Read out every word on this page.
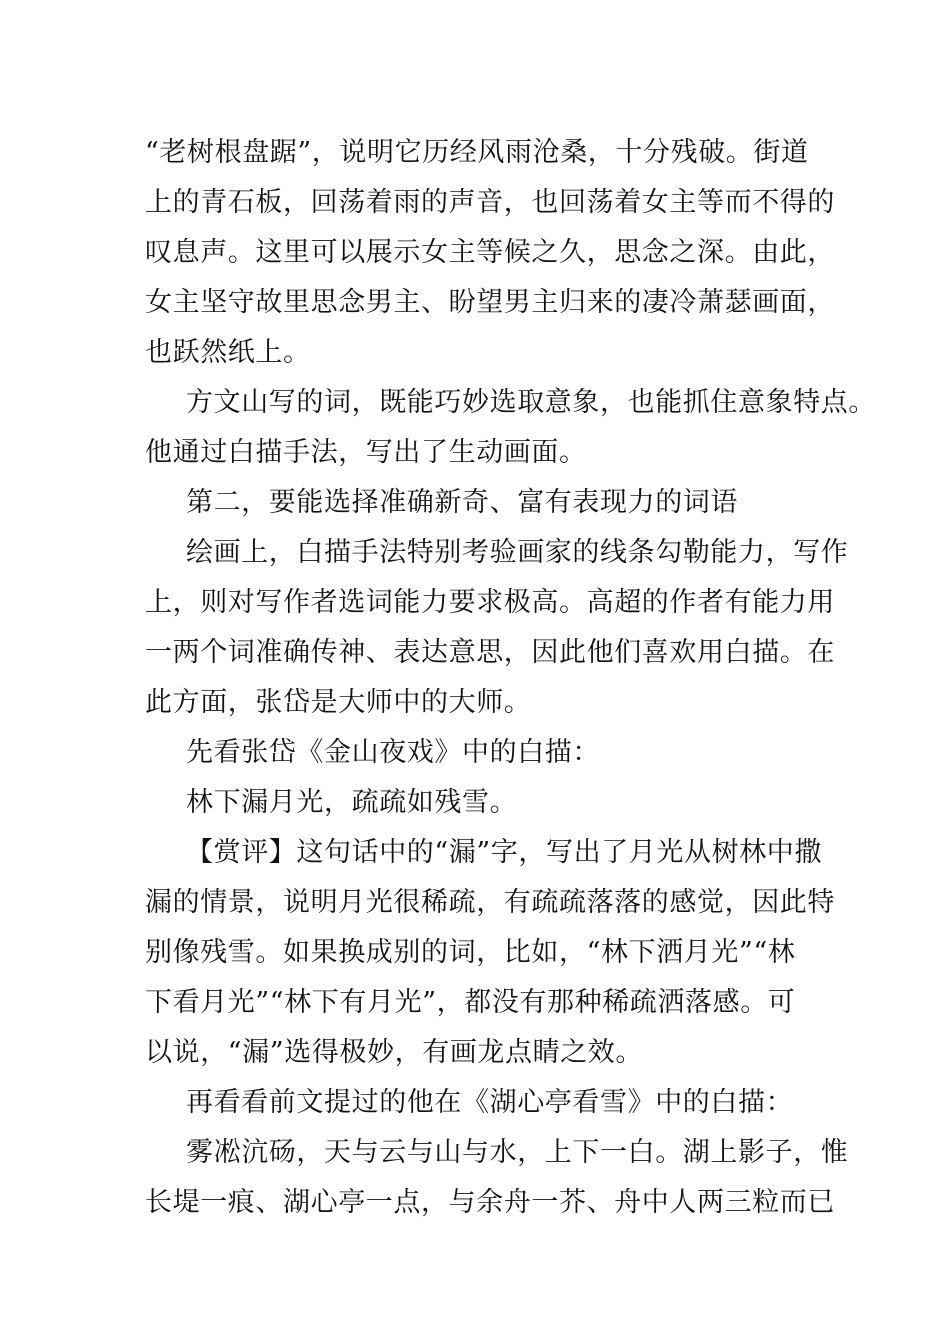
“老树根盘踞”，说明它历经风雨沧桑，十分残破。街道
上的青石板，回荡着雨的声音，也回荡着女主等而不得的
叹息声。这里可以展示女主等候之久，思念之深。由此，
女主坚守故里思念男主、盼望男主归来的凄冷萧瑟画面，
也跃然纸上。
方文山写的词，既能巧妙选取意象，也能抓住意象特点。
他通过白描手法，写出了生动画面。
第二，要能选择准确新奇、富有表现力的词语
绘画上，白描手法特别考验画家的线条勾勒能力，写作
上，则对写作者选词能力要求极高。高超的作者有能力用
一两个词准确传神、表达意思，因此他们喜欢用白描。在
此方面，张岱是大师中的大师。
先看张岱《金山夜戏》中的白描：
林下漏月光，疏疏如残雪。
【赏评】这句话中的“漏”字，写出了月光从树林中撒
漏的情景，说明月光很稀疏，有疏疏落落的感觉，因此特
别像残雪。如果换成别的词，比如，“林下洒月光”“林
下看月光”“林下有月光”，都没有那种稀疏洒落感。可
以说，“漏”选得极妙，有画龙点睛之效。
再看看前文提过的他在《湖心亭看雪》中的白描：
雾凇沆砀，天与云与山与水，上下一白。湖上影子，惟
长堤一痕、湖心亭一点，与余舟一芥、舟中人两三粒而已
